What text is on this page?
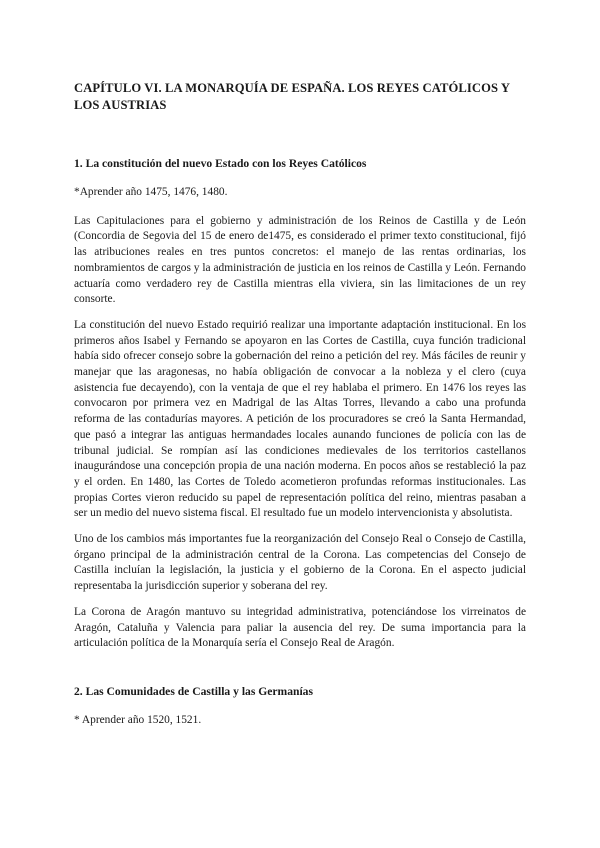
CAPÍTULO VI. LA MONARQUÍA DE ESPAÑA. LOS REYES CATÓLICOS Y LOS AUSTRIAS
1. La constitución del nuevo Estado con los Reyes Católicos
*Aprender año 1475, 1476, 1480.

Las Capitulaciones para el gobierno y administración de los Reinos de Castilla y de León (Concordia de Segovia del 15 de enero de1475, es considerado el primer texto constitucional, fijó las atribuciones reales en tres puntos concretos: el manejo de las rentas ordinarias, los nombramientos de cargos y la administración de justicia en los reinos de Castilla y León. Fernando actuaría como verdadero rey de Castilla mientras ella viviera, sin las limitaciones de un rey consorte.

La constitución del nuevo Estado requirió realizar una importante adaptación institucional. En los primeros años Isabel y Fernando se apoyaron en las Cortes de Castilla, cuya función tradicional había sido ofrecer consejo sobre la gobernación del reino a petición del rey. Más fáciles de reunir y manejar que las aragonesas, no había obligación de convocar a la nobleza y el clero (cuya asistencia fue decayendo), con la ventaja de que el rey hablaba el primero. En 1476 los reyes las convocaron por primera vez en Madrigal de las Altas Torres, llevando a cabo una profunda reforma de las contadurías mayores. A petición de los procuradores se creó la Santa Hermandad, que pasó a integrar las antiguas hermandades locales aunando funciones de policía con las de tribunal judicial. Se rompían así las condiciones medievales de los territorios castellanos inaugurándose una concepción propia de una nación moderna. En pocos años se restableció la paz y el orden. En 1480, las Cortes de Toledo acometieron profundas reformas institucionales. Las propias Cortes vieron reducido su papel de representación política del reino, mientras pasaban a ser un medio del nuevo sistema fiscal. El resultado fue un modelo intervencionista y absolutista.

Uno de los cambios más importantes fue la reorganización del Consejo Real o Consejo de Castilla, órgano principal de la administración central de la Corona. Las competencias del Consejo de Castilla incluían la legislación, la justicia y el gobierno de la Corona. En el aspecto judicial representaba la jurisdicción superior y soberana del rey.

La Corona de Aragón mantuvo su integridad administrativa, potenciándose los virreinatos de Aragón, Cataluña y Valencia para paliar la ausencia del rey. De suma importancia para la articulación política de la Monarquía sería el Consejo Real de Aragón.

2. Las Comunidades de Castilla y las Germanías
* Aprender año 1520, 1521.
